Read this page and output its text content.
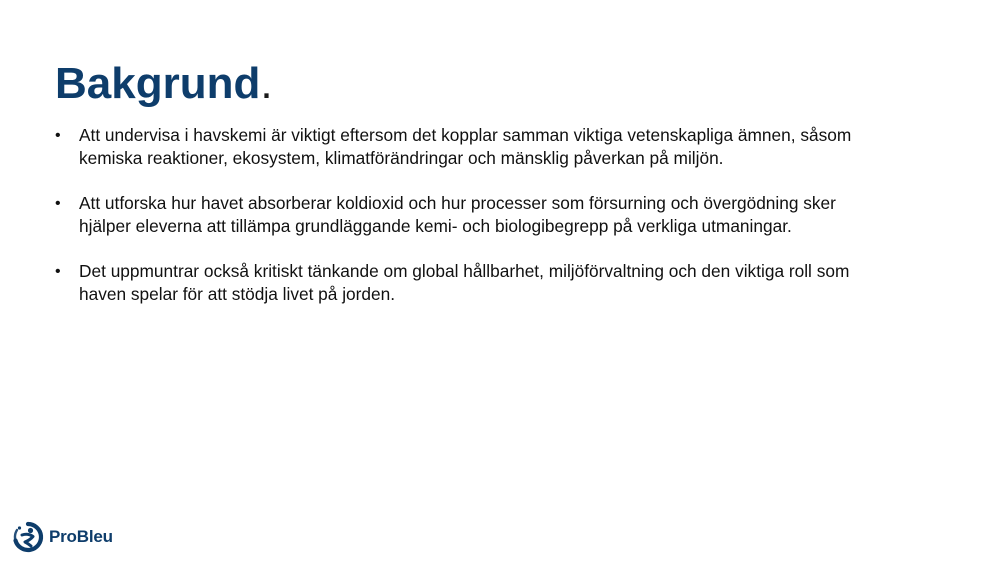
Bakgrund.
•	Att undervisa i havskemi är viktigt eftersom det kopplar samman viktiga vetenskapliga ämnen, såsom
kemiska reaktioner, ekosystem, klimatförändringar och mänsklig påverkan på miljön.
•	Att utforska hur havet absorberar koldioxid och hur processer som försurning och övergödning sker
hjälper eleverna att tillämpa grundläggande kemi- och biologibegrepp på verkliga utmaningar.
•	Det uppmuntrar också kritiskt tänkande om global hållbarhet, miljöförvaltning och den viktiga roll som
haven spelar för att stödja livet på jorden.
ProBleu
